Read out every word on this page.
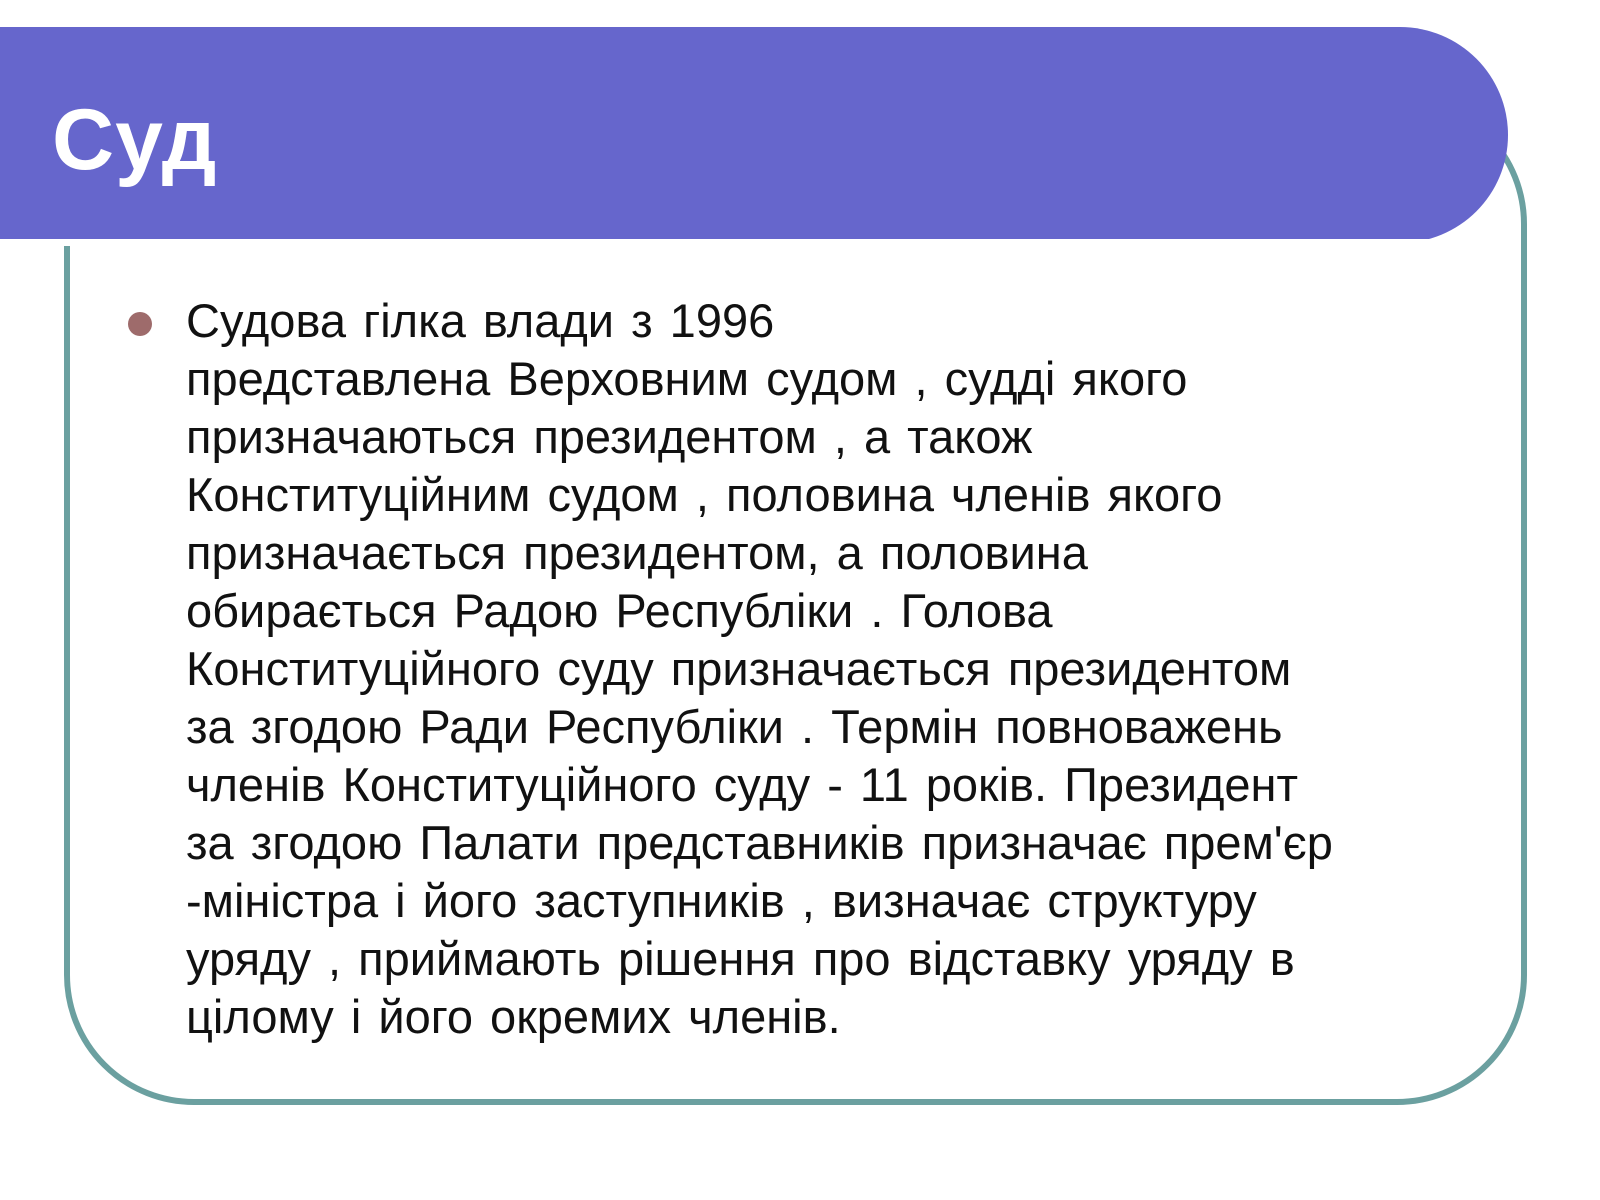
Суд
Судова гілка влади з 1996
представлена Верховним судом , судді якого
призначаються президентом , а також
Конституційним судом , половина членів якого
призначається президентом, а половина
обирається Радою Республіки . Голова
Конституційного суду призначається президентом
за згодою Ради Республіки . Термін повноважень
членів Конституційного суду - 11 років. Президент
за згодою Палати представників призначає прем'єр
-міністра і його заступників , визначає структуру
уряду , приймають рішення про відставку уряду в
цілому і його окремих членів.
